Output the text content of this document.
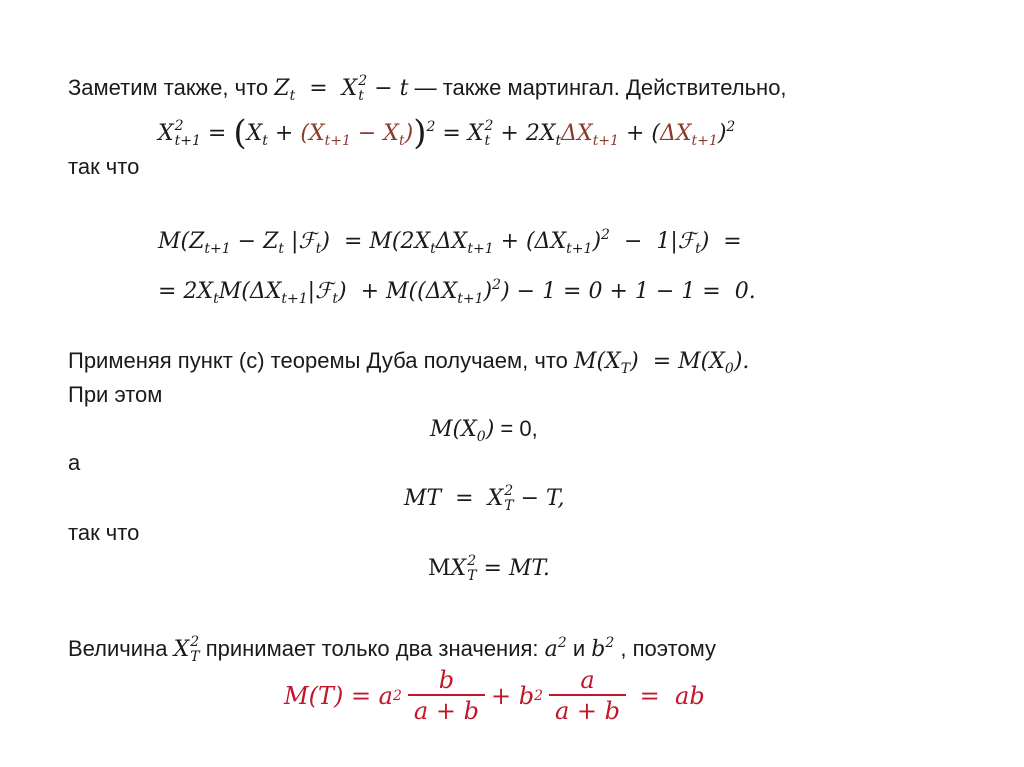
Заметим также, что $Z_t = X$ t
2 − t — также мартингал. Действительно,
X t+1
$2 = (X_t + (X_{t+1} - X_t))^2 = X$ t
$2 + 2X_t\Delta X_{t+1} + (\Delta X_{t+1})^2$
так что
$M(Z_{t+1} - Z_t$ |ℱ$_t$)  = $M(2X_t\Delta X_{t+1} + (\Delta X_{t+1})^2$  −  1|ℱ$_t$)  =
= $2X_tM(\Delta X_{t+1}|ℱ_t) + M((\Delta X_{t+1})^2) - 1 = 0 + 1 - 1 = 0$.
Применяя пункт (c) теоремы Дуба получаем, что $M(X_T) = M(X_0)$.
При этом
$M(X_0) = 0$,
а
MT  =  X T
2 − T,
так что
MX T
2 = MT.
Величина X T
2 принимает только два значения: $a^2$ и $b^2$ , поэтому
M(T) = a $2 \frac{b}{a + b} + b$ $2 \frac{a}{a + b}$ =  ab
